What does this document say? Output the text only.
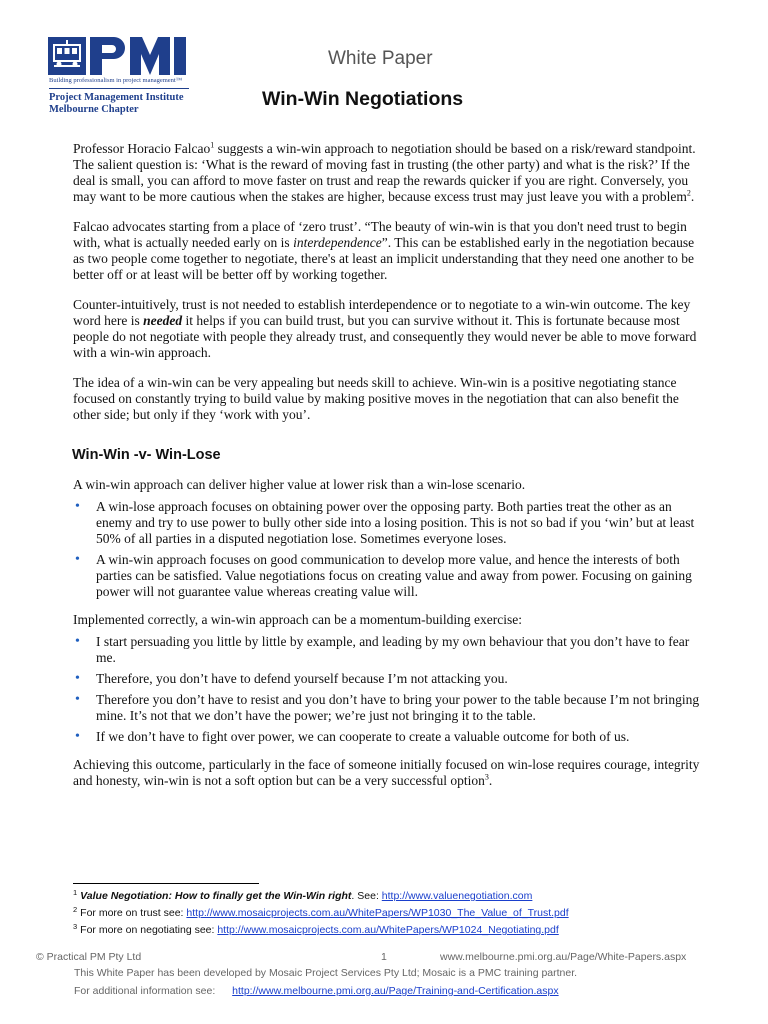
Building professionalism in project management™
Project Management Institute
Melbourne Chapter
White Paper
Win-Win Negotiations

Professor Horacio Falcao$^1$ suggests a win-win approach to negotiation should be based on a risk/reward standpoint. The salient question is: ‘What is the reward of moving fast in trusting (the other party) and what is the risk?’ If the deal is small, you can afford to move faster on trust and reap the rewards quicker if you are right. Conversely, you may want to be more cautious when the stakes are higher, because excess trust may just leave you with a problem$^2$.

Falcao advocates starting from a place of ‘zero trust’. “The beauty of win-win is that you don't need trust to begin with, what is actually needed early on is interdependence”. This can be established early in the negotiation because as two people come together to negotiate, there's at least an implicit understanding that they need one another to be better off or at least will be better off by working together.

Counter-intuitively, trust is not needed to establish interdependence or to negotiate to a win-win outcome. The key word here is needed it helps if you can build trust, but you can survive without it. This is fortunate because most people do not negotiate with people they already trust, and consequently they would never be able to move forward with a win-win approach.

The idea of a win-win can be very appealing but needs skill to achieve. Win-win is a positive negotiating stance focused on constantly trying to build value by making positive moves in the negotiation that can also benefit the other side; but only if they ‘work with you’.

Win-Win -v- Win-Lose

A win-win approach can deliver higher value at lower risk than a win-lose scenario.

• A win-lose approach focuses on obtaining power over the opposing party. Both parties treat the other as an enemy and try to use power to bully other side into a losing position. This is not so bad if you ‘win’ but at least 50% of all parties in a disputed negotiation lose. Sometimes everyone loses.
• A win-win approach focuses on good communication to develop more value, and hence the interests of both parties can be satisfied. Value negotiations focus on creating value and away from power. Focusing on gaining power will not guarantee value whereas creating value will.

Implemented correctly, a win-win approach can be a momentum-building exercise:

• I start persuading you little by little by example, and leading by my own behaviour that you don’t have to fear me.
• Therefore, you don’t have to defend yourself because I’m not attacking you.
• Therefore you don’t have to resist and you don’t have to bring your power to the table because I’m not bringing mine. It’s not that we don’t have the power; we’re just not bringing it to the table.
• If we don’t have to fight over power, we can cooperate to create a valuable outcome for both of us.

Achieving this outcome, particularly in the face of someone initially focused on win-lose requires courage, integrity and honesty, win-win is not a soft option but can be a very successful option$^3$.

$^1$ Value Negotiation: How to finally get the Win-Win right. See: http://www.valuenegotiation.com
$^2$ For more on trust see: http://www.mosaicprojects.com.au/WhitePapers/WP1030_The_Value_of_Trust.pdf
$^3$ For more on negotiating see: http://www.mosaicprojects.com.au/WhitePapers/WP1024_Negotiating.pdf
© Practical PM Pty Ltd	1	www.melbourne.pmi.org.au/Page/White-Papers.aspx
This White Paper has been developed by Mosaic Project Services Pty Ltd; Mosaic is a PMC training partner.
For additional information see: http://www.melbourne.pmi.org.au/Page/Training-and-Certification.aspx
